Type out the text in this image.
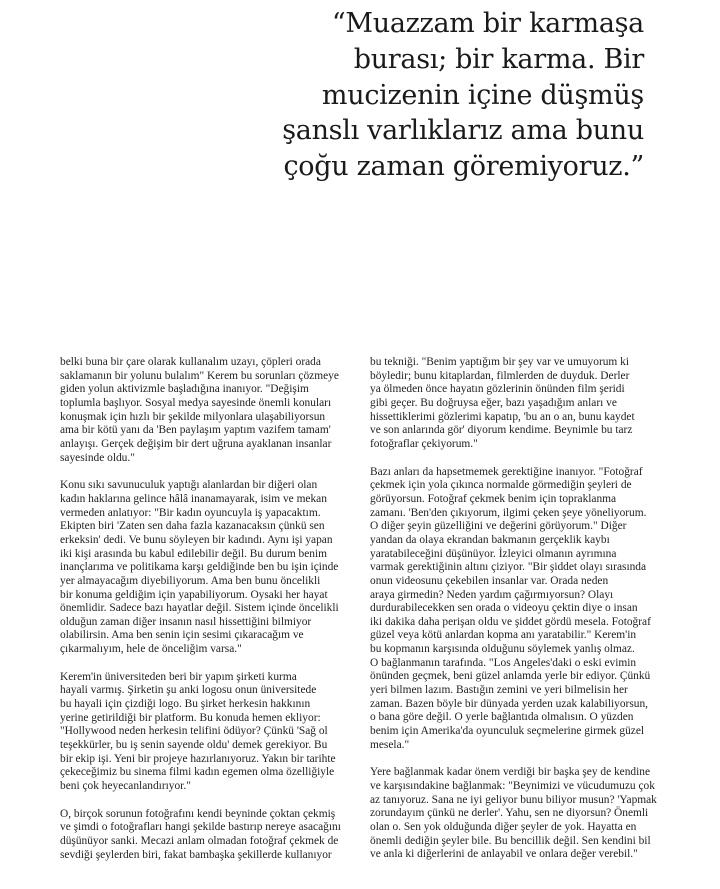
“Muazzam bir karmaşa
burası; bir karma. Bir
mucizenin içine düşmüş
şanslı varlıklarız ama bunu
çoğu zaman göremiyoruz.”
belki buna bir çare olarak kullanalım uzayı, çöpleri orada
saklamanın bir yolunu bulalım" Kerem bu sorunları çözmeye
giden yolun aktivizmle başladığına inanıyor. "Değişim
toplumla başlıyor. Sosyal medya sayesinde önemli konuları
konuşmak için hızlı bir şekilde milyonlara ulaşabiliyorsun
ama bir kötü yanı da 'Ben paylaşım yaptım vazifem tamam'
anlayışı. Gerçek değişim bir dert uğruna ayaklanan insanlar
sayesinde oldu."
Konu sıkı savunuculuk yaptığı alanlardan bir diğeri olan
kadın haklarına gelince hâlâ inanamayarak, isim ve mekan
vermeden anlatıyor: "Bir kadın oyuncuyla iş yapacaktım.
Ekipten biri 'Zaten sen daha fazla kazanacaksın çünkü sen
erkeksin' dedi. Ve bunu söyleyen bir kadındı. Aynı işi yapan
iki kişi arasında bu kabul edilebilir değil. Bu durum benim
inançlarıma ve politikama karşı geldiğinde ben bu işin içinde
yer almayacağım diyebiliyorum. Ama ben bunu öncelikli
bir konuma geldiğim için yapabiliyorum. Oysaki her hayat
önemlidir. Sadece bazı hayatlar değil. Sistem içinde öncelikli
olduğun zaman diğer insanın nasıl hissettiğini bilmiyor
olabilirsin. Ama ben senin için sesimi çıkaracağım ve
çıkarmalıyım, hele de önceliğim varsa."
Kerem'in üniversiteden beri bir yapım şirketi kurma
hayali varmış. Şirketin şu anki logosu onun üniversitede
bu hayali için çizdiği logo. Bu şirket herkesin hakkının
yerine getirildiği bir platform. Bu konuda hemen ekliyor:
"Hollywood neden herkesin telifini ödüyor? Çünkü 'Sağ ol
teşekkürler, bu iş senin sayende oldu' demek gerekiyor. Bu
bir ekip işi. Yeni bir projeye hazırlanıyoruz. Yakın bir tarihte
çekeceğimiz bu sinema filmi kadın egemen olma özelliğiyle
beni çok heyecanlandırıyor."
O, birçok sorunun fotoğrafını kendi beyninde çoktan çekmiş
ve şimdi o fotoğrafları hangi şekilde bastırıp nereye asacağını
düşünüyor sanki. Mecazi anlam olmadan fotoğraf çekmek de
sevdiği şeylerden biri, fakat bambaşka şekillerde kullanıyor
bu tekniği. "Benim yaptığım bir şey var ve umuyorum ki
böyledir; bunu kitaplardan, filmlerden de duyduk. Derler
ya ölmeden önce hayatın gözlerinin önünden film şeridi
gibi geçer. Bu doğruysa eğer, bazı yaşadığım anları ve
hissettiklerimi gözlerimi kapatıp, 'bu an o an, bunu kaydet
ve son anlarında gör' diyorum kendime. Beynimle bu tarz
fotoğraflar çekiyorum."
Bazı anları da hapsetmemek gerektiğine inanıyor. "Fotoğraf
çekmek için yola çıkınca normalde görmediğin şeyleri de
görüyorsun. Fotoğraf çekmek benim için topraklanma
zamanı. 'Ben'den çıkıyorum, ilgimi çeken şeye yöneliyorum.
O diğer şeyin güzelliğini ve değerini görüyorum." Diğer
yandan da olaya ekrandan bakmanın gerçeklik kaybı
yaratabileceğini düşünüyor. İzleyici olmanın ayrımına
varmak gerektiğinin altını çiziyor. "Bir şiddet olayı sırasında
onun videosunu çekebilen insanlar var. Orada neden
araya girmedin? Neden yardım çağırmıyorsun? Olayı
durdurabilecekken sen orada o videoyu çektin diye o insan
iki dakika daha perişan oldu ve şiddet gördü mesela. Fotoğraf
güzel veya kötü anlardan kopma anı yaratabilir." Kerem'in
bu kopmanın karşısında olduğunu söylemek yanlış olmaz.
O bağlanmanın tarafında. "Los Angeles'daki o eski evimin
önünden geçmek, beni güzel anlamda yerle bir ediyor. Çünkü
yeri bilmen lazım. Bastığın zemini ve yeri bilmelisin her
zaman. Bazen böyle bir dünyada yerden uzak kalabiliyorsun,
o bana göre değil. O yerle bağlantıda olmalısın. O yüzden
benim için Amerika'da oyunculuk seçmelerine girmek güzel
mesela."
Yere bağlanmak kadar önem verdiği bir başka şey de kendine
ve karşısındakine bağlanmak: "Beynimizi ve vücudumuzu çok
az tanıyoruz. Sana ne iyi geliyor bunu biliyor musun? 'Yapmak
zorundayım çünkü ne derler'. Yahu, sen ne diyorsun? Önemli
olan o. Sen yok olduğunda diğer şeyler de yok. Hayatta en
önemli dediğin şeyler bile. Bu bencillik değil. Sen kendini bil
ve anla ki diğerlerini de anlayabil ve onlara değer verebil."
